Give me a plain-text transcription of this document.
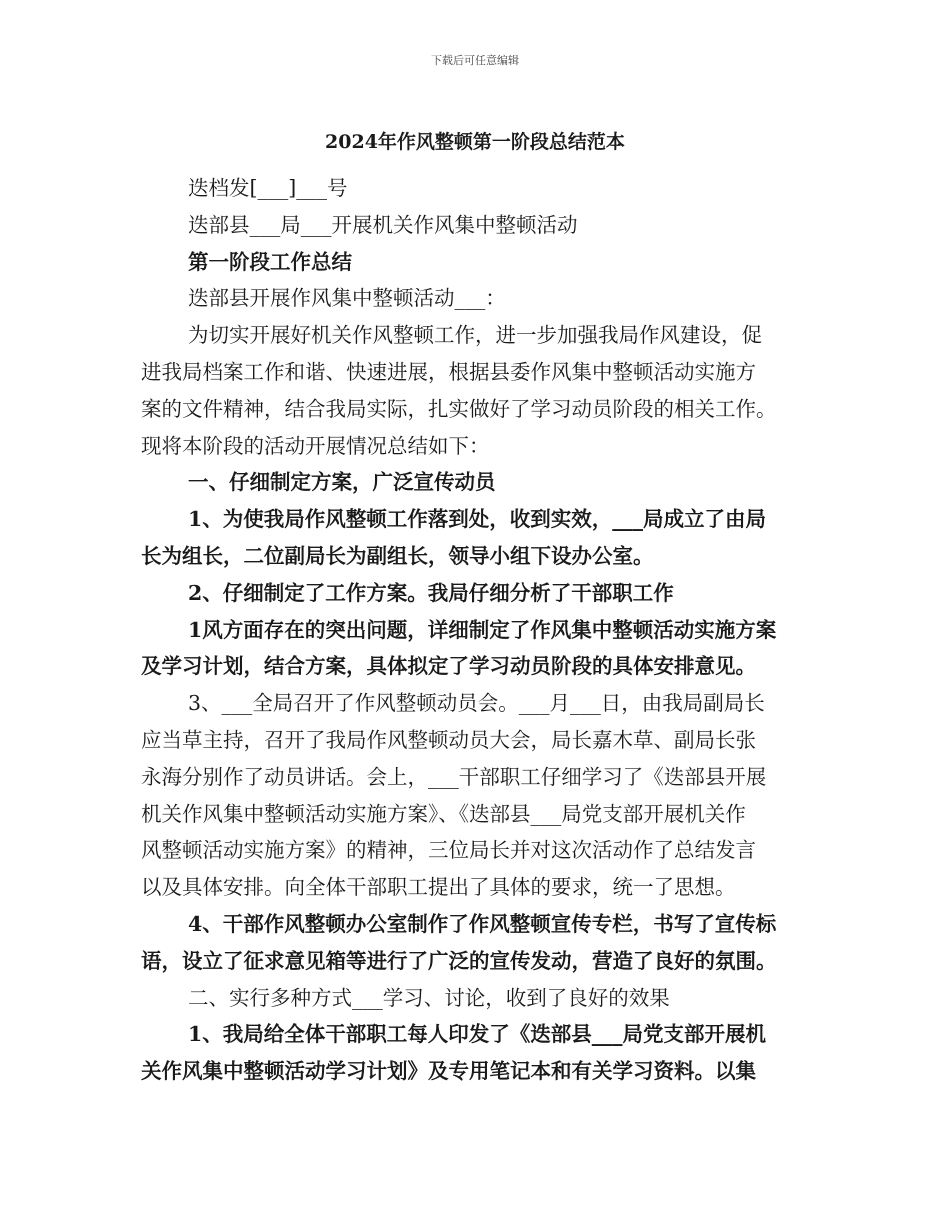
下载后可任意编辑
2024年作风整顿第一阶段总结范本
迭档发[___]___号
迭部县___局___开展机关作风集中整顿活动
第一阶段工作总结
迭部县开展作风集中整顿活动___：
为切实开展好机关作风整顿工作，进一步加强我局作风建设，促
进我局档案工作和谐、快速进展，根据县委作风集中整顿活动实施方
案的文件精神，结合我局实际，扎实做好了学习动员阶段的相关工作。
现将本阶段的活动开展情况总结如下：
一、仔细制定方案，广泛宣传动员
1、为使我局作风整顿工作落到处，收到实效，___局成立了由局
长为组长，二位副局长为副组长，领导小组下设办公室。
2、仔细制定了工作方案。我局仔细分析了干部职工作
1风方面存在的突出问题，详细制定了作风集中整顿活动实施方案
及学习计划，结合方案，具体拟定了学习动员阶段的具体安排意见。
3、___全局召开了作风整顿动员会。___月___日，由我局副局长
应当草主持，召开了我局作风整顿动员大会，局长嘉木草、副局长张
永海分别作了动员讲话。会上，___干部职工仔细学习了《迭部县开展
机关作风集中整顿活动实施方案》、《迭部县___局党支部开展机关作
风整顿活动实施方案》的精神，三位局长并对这次活动作了总结发言
以及具体安排。向全体干部职工提出了具体的要求，统一了思想。
4、干部作风整顿办公室制作了作风整顿宣传专栏，书写了宣传标
语，设立了征求意见箱等进行了广泛的宣传发动，营造了良好的氛围。
二、实行多种方式___学习、讨论，收到了良好的效果
1、我局给全体干部职工每人印发了《迭部县___局党支部开展机
关作风集中整顿活动学习计划》及专用笔记本和有关学习资料。以集
